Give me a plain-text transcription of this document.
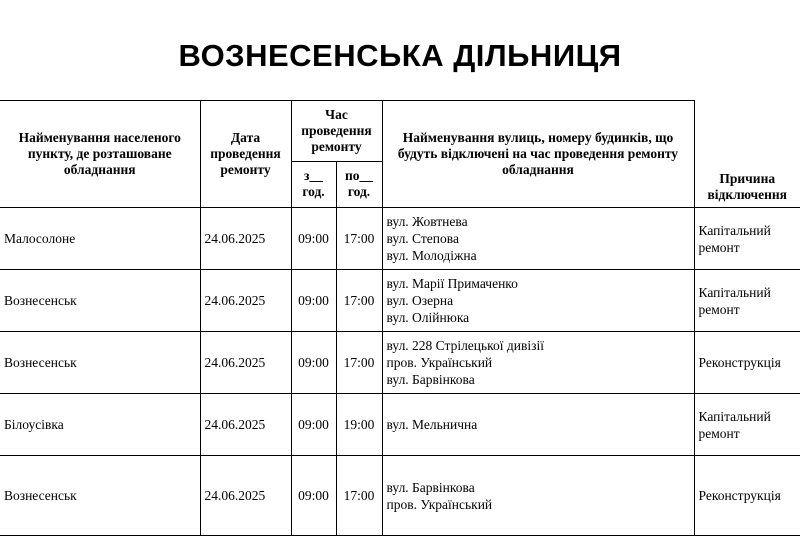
ВОЗНЕСЕНСЬКА ДІЛЬНИЦЯ
Найменування населеного пункту, де розташоване обладнання	Дата проведення ремонту	Час проведення ремонту		Найменування вулиць, номеру будинків, що будуть відключені на час проведення ремонту обладнання	
		з__ год.	по__ год.		Причина відключення
Малосолоне	24.06.2025	09:00	17:00	вул. Жовтнева
вул. Степова
вул. Молодіжна	Капітальний ремонт
Вознесенськ	24.06.2025	09:00	17:00	вул. Марії Примаченко
вул. Озерна
вул. Олійнюка	Капітальний ремонт
Вознесенськ	24.06.2025	09:00	17:00	вул. 228 Стрілецької дивізії
пров. Український
вул. Барвінкова	Реконструкція
Білоусівка	24.06.2025	09:00	19:00	вул. Мельнична	Капітальний ремонт
Вознесенськ	24.06.2025	09:00	17:00	вул. Барвінкова
пров. Український	Реконструкція
